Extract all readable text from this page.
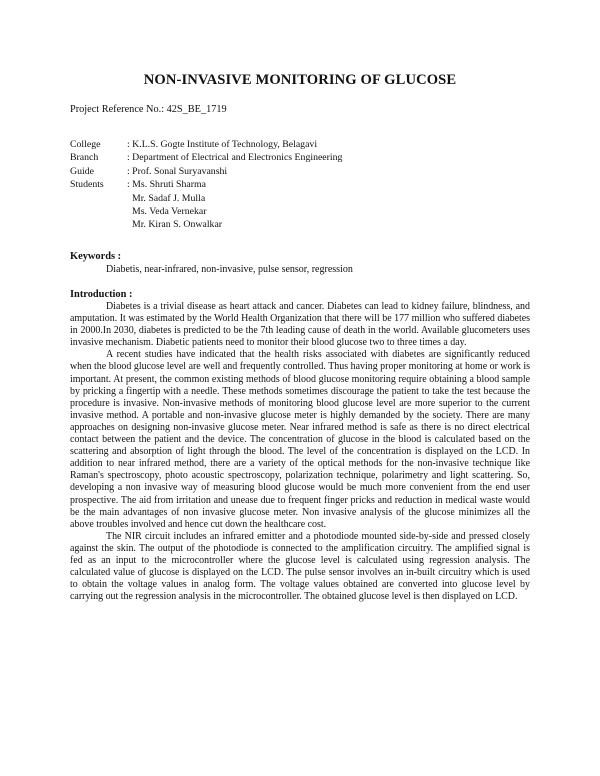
NON-INVASIVE MONITORING OF GLUCOSE
Project Reference No.: 42S_BE_1719
College	: K.L.S. Gogte Institute of Technology, Belagavi
Branch	: Department of Electrical and Electronics Engineering
Guide	: Prof. Sonal Suryavanshi
Students	: Ms. Shruti Sharma
Mr. Sadaf J. Mulla
Ms. Veda Vernekar
Mr. Kiran S. Onwalkar
Keywords :
Diabetis, near-infrared, non-invasive, pulse sensor, regression
Introduction :

Diabetes is a trivial disease as heart attack and cancer. Diabetes can lead to kidney failure, blindness, and amputation. It was estimated by the World Health Organization that there will be 177 million who suffered diabetes in 2000.In 2030, diabetes is predicted to be the 7th leading cause of death in the world. Available glucometers uses invasive mechanism. Diabetic patients need to monitor their blood glucose two to three times a day.

A recent studies have indicated that the health risks associated with diabetes are significantly reduced when the blood glucose level are well and frequently controlled. Thus having proper monitoring at home or work is important. At present, the common existing methods of blood glucose monitoring require obtaining a blood sample by pricking a fingertip with a needle. These methods sometimes discourage the patient to take the test because the procedure is invasive. Non-invasive methods of monitoring blood glucose level are more superior to the current invasive method. A portable and non-invasive glucose meter is highly demanded by the society. There are many approaches on designing non-invasive glucose meter. Near infrared method is safe as there is no direct electrical contact between the patient and the device. The concentration of glucose in the blood is calculated based on the scattering and absorption of light through the blood. The level of the concentration is displayed on the LCD. In addition to near infrared method, there are a variety of the optical methods for the non-invasive technique like Raman's spectroscopy, photo acoustic spectroscopy, polarization technique, polarimetry and light scattering. So, developing a non invasive way of measuring blood glucose would be much more convenient from the end user prospective. The aid from irritation and unease due to frequent finger pricks and reduction in medical waste would be the main advantages of non invasive glucose meter. Non invasive analysis of the glucose minimizes all the above troubles involved and hence cut down the healthcare cost.

The NIR circuit includes an infrared emitter and a photodiode mounted side-by-side and pressed closely against the skin. The output of the photodiode is connected to the amplification circuitry. The amplified signal is fed as an input to the microcontroller where the glucose level is calculated using regression analysis. The calculated value of glucose is displayed on the LCD. The pulse sensor involves an in-built circuitry which is used to obtain the voltage values in analog form. The voltage values obtained are converted into glucose level by carrying out the regression analysis in the microcontroller. The obtained glucose level is then displayed on LCD.
